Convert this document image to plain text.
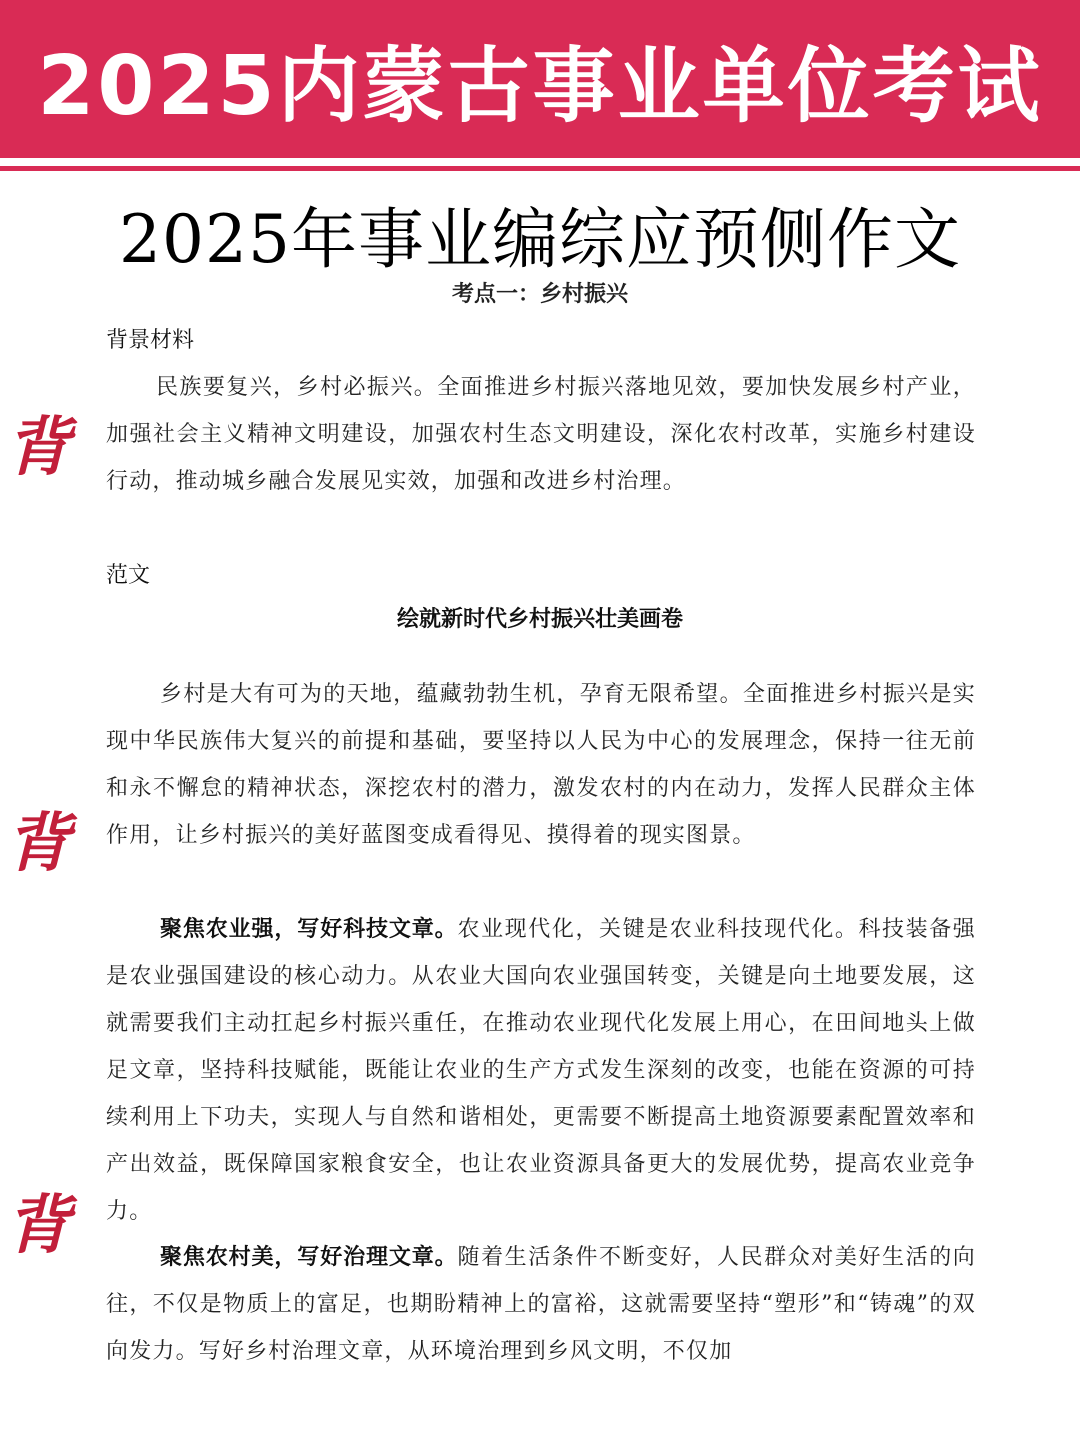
2025内蒙古事业单位考试
2025年事业编综应预侧作文
考点一：乡村振兴
背景材料

民族要复兴，乡村必振兴。全面推进乡村振兴落地见效，要加快发展乡村产业，加强社会主义精神文明建设，加强农村生态文明建设，深化农村改革，实施乡村建设行动，推动城乡融合发展见实效，加强和改进乡村治理。

范文
绘就新时代乡村振兴壮美画卷

乡村是大有可为的天地，蕴藏勃勃生机，孕育无限希望。全面推进乡村振兴是实现中华民族伟大复兴的前提和基础，要坚持以人民为中心的发展理念，保持一往无前和永不懈怠的精神状态，深挖农村的潜力，激发农村的内在动力，发挥人民群众主体作用，让乡村振兴的美好蓝图变成看得见、摸得着的现实图景。

聚焦农业强，写好科技文章。农业现代化，关键是农业科技现代化。科技装备强是农业强国建设的核心动力。从农业大国向农业强国转变，关键是向土地要发展，这就需要我们主动扛起乡村振兴重任，在推动农业现代化发展上用心，在田间地头上做足文章，坚持科技赋能，既能让农业的生产方式发生深刻的改变，也能在资源的可持续利用上下功夫，实现人与自然和谐相处，更需要不断提高土地资源要素配置效率和产出效益，既保障国家粮食安全，也让农业资源具备更大的发展优势，提高农业竞争力。

聚焦农村美，写好治理文章。随着生活条件不断变好，人民群众对美好生活的向往，不仅是物质上的富足，也期盼精神上的富裕，这就需要坚持“塑形”和“铸魂”的双向发力。写好乡村治理文章，从环境治理到乡风文明，不仅加

背
背
背
